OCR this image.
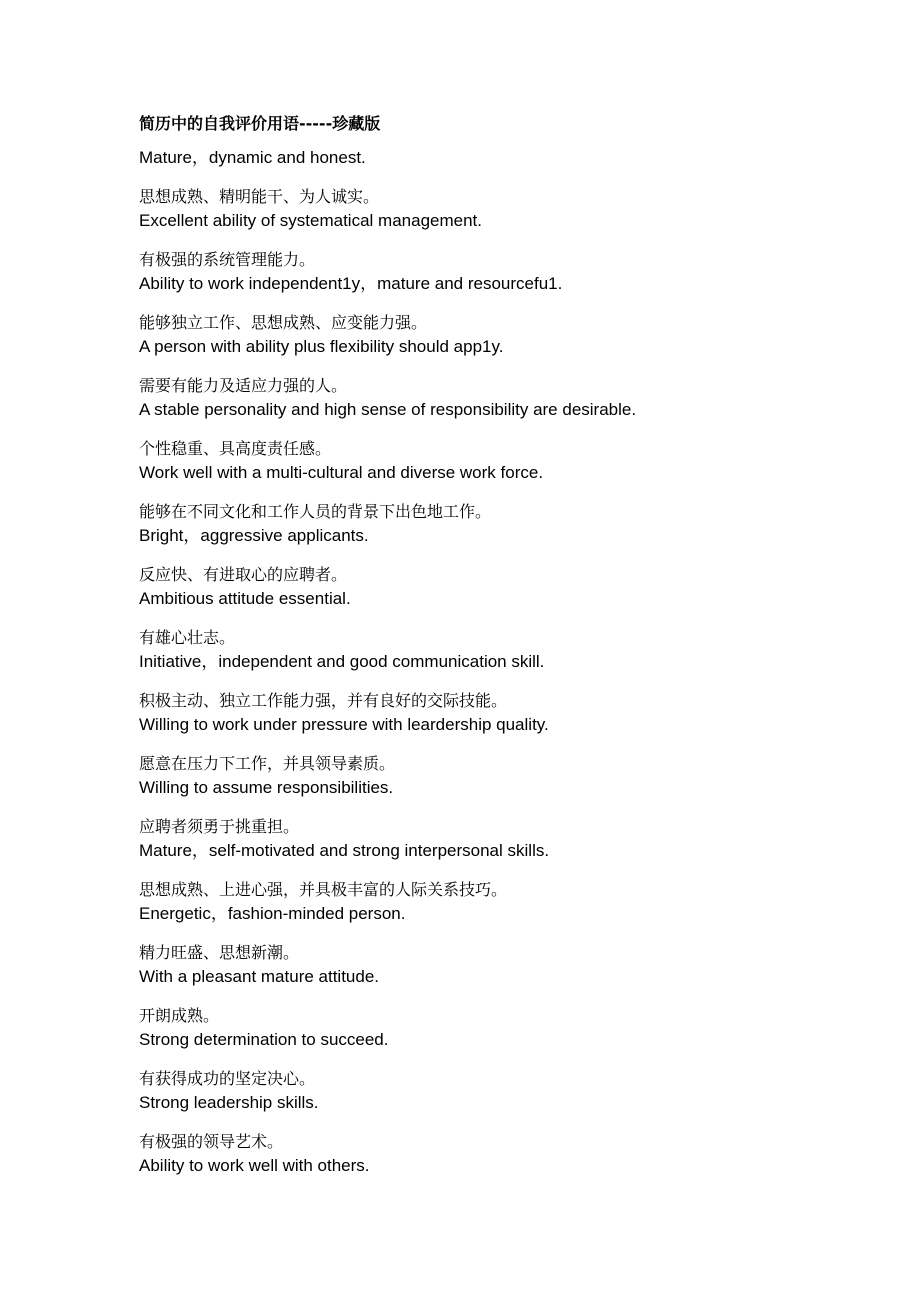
简历中的自我评价用语-----珍藏版
Mature，dynamic and honest.
思想成熟、精明能干、为人诚实。
Excellent ability of systematical management.
有极强的系统管理能力。
Ability to work independent1y，mature and resourcefu1.
能够独立工作、思想成熟、应变能力强。
A person with ability plus flexibility should app1y.
需要有能力及适应力强的人。
A stable personality and high sense of responsibility are desirable.
个性稳重、具高度责任感。
Work well with a multi-cultural and diverse work force.
能够在不同文化和工作人员的背景下出色地工作。
Bright，aggressive applicants.
反应快、有进取心的应聘者。
Ambitious attitude essential.
有雄心壮志。
Initiative，independent and good communication skill.
积极主动、独立工作能力强，并有良好的交际技能。
Willing to work under pressure with leardership quality.
愿意在压力下工作，并具领导素质。
Willing to assume responsibilities.
应聘者须勇于挑重担。
Mature，self-motivated and strong interpersonal skills.
思想成熟、上进心强，并具极丰富的人际关系技巧。
Energetic，fashion-minded person.
精力旺盛、思想新潮。
With a pleasant mature attitude.
开朗成熟。
Strong determination to succeed.
有获得成功的坚定决心。
Strong leadership skills.
有极强的领导艺术。
Ability to work well with others.
